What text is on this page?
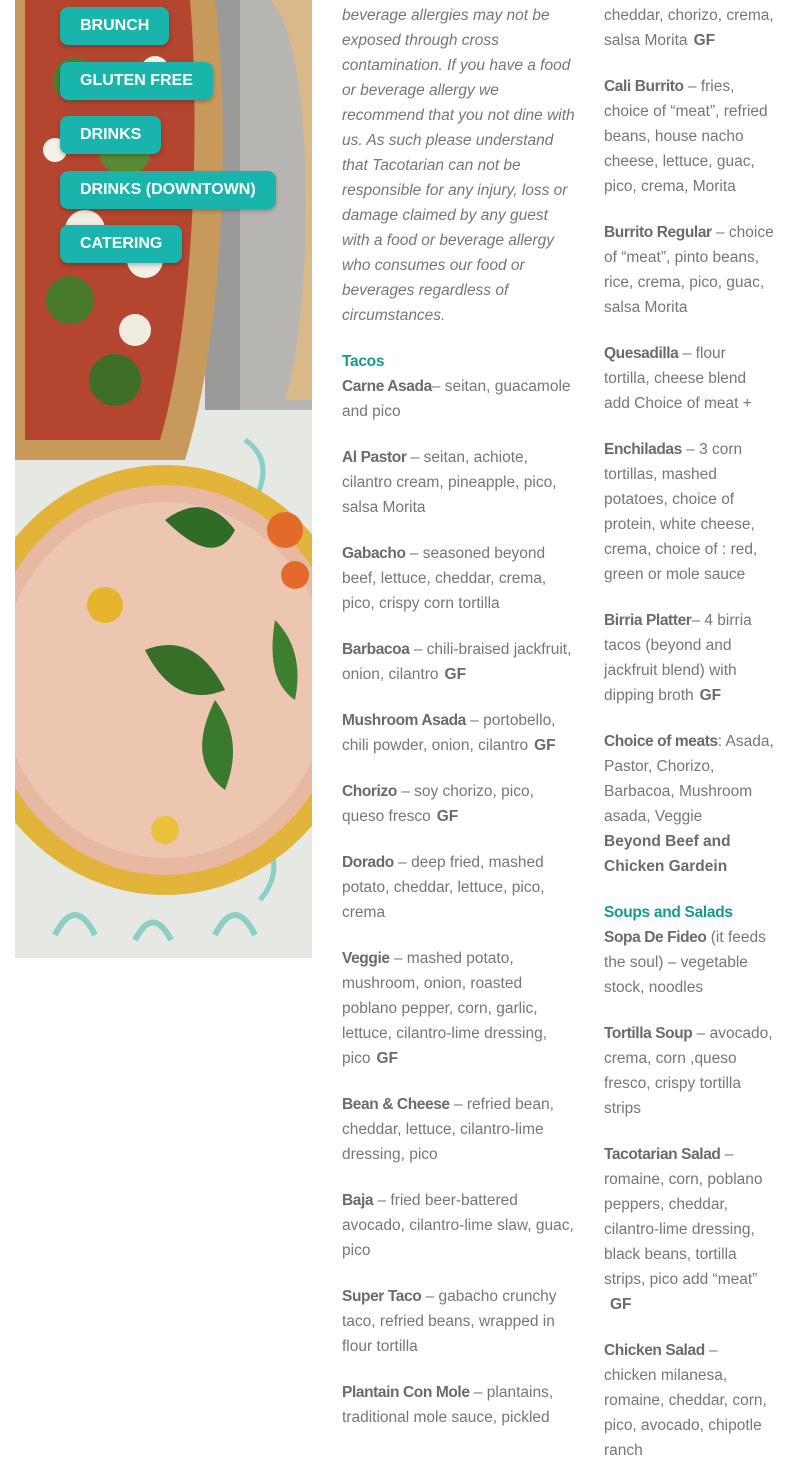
BRUNCH
GLUTEN FREE
DRINKS
DRINKS (DOWNTOWN)
CATERING

beverage allergies may not be exposed through cross contamination. If you have a food or beverage allergy we recommend that you not dine with us. As such please understand that Tacotarian can not be responsible for any injury, loss or damage claimed by any guest with a food or beverage allergy who consumes our food or beverages regardless of circumstances.

Tacos

Carne Asada– seitan, guacamole and pico

Al Pastor – seitan, achiote, cilantro cream, pineapple, pico, salsa Morita

Gabacho – seasoned beyond beef, lettuce, cheddar, crema, pico, crispy corn tortilla

Barbacoa – chili-braised jackfruit, onion, cilantro GF

Mushroom Asada – portobello, chili powder, onion, cilantro GF

Chorizo – soy chorizo, pico, queso fresco GF

Dorado – deep fried, mashed potato, cheddar, lettuce, pico, crema

Veggie – mashed potato, mushroom, onion, roasted poblano pepper, corn, garlic, lettuce, cilantro-lime dressing, pico GF

Bean & Cheese – refried bean, cheddar, lettuce, cilantro-lime dressing, pico

Baja – fried beer-battered avocado, cilantro-lime slaw, guac, pico

Super Taco – gabacho crunchy taco, refried beans, wrapped in flour tortilla

Plantain Con Mole – plantains, traditional mole sauce, pickled

cheddar, chorizo, crema, salsa Morita GF

Cali Burrito – fries, choice of “meat”, refried beans, house nacho cheese, lettuce, guac, pico, crema, Morita

Burrito Regular – choice of “meat”, pinto beans, rice, crema, pico, guac, salsa Morita

Quesadilla – flour tortilla, cheese blend add Choice of meat +

Enchiladas – 3 corn tortillas, mashed potatoes, choice of protein, white cheese, crema, choice of : red, green or mole sauce

Birria Platter– 4 birria tacos (beyond and jackfruit blend) with dipping broth GF

Choice of meats: Asada, Pastor, Chorizo, Barbacoa, Mushroom asada, Veggie
Beyond Beef and Chicken Gardein

Soups and Salads

Sopa De Fideo (it feeds the soul) – vegetable stock, noodles

Tortilla Soup – avocado, crema, corn ,queso fresco, crispy tortilla strips

Tacotarian Salad – romaine, corn, poblano peppers, cheddar, cilantro-lime dressing, black beans, tortilla strips, pico add “meat”
GF

Chicken Salad – chicken milanesa, romaine, cheddar, corn, pico, avocado, chipotle ranch
